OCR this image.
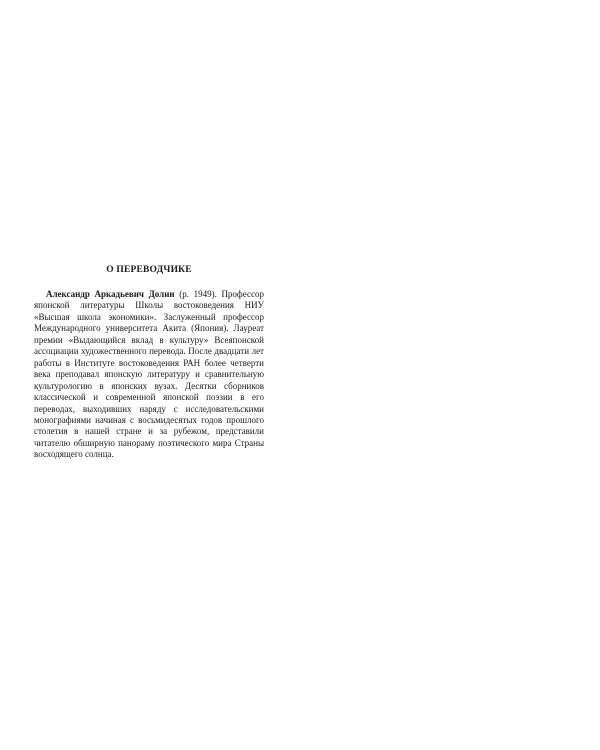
О ПЕРЕВОДЧИКЕ

Александр Аркадьевич Долин (р. 1949). Профессор японской литературы Школы востоковедения НИУ «Высшая школа экономики». Заслуженный профессор Международного университета Акита (Япония). Лауреат премии «Выдающийся вклад в культуру» Всеяпонской ассоциации художественного перевода. После двадцати лет работы в Институте востоковедения РАН более четверти века преподавал японскую литературу и сравнительную культурологию в японских вузах. Десятки сборников классической и современной японской поэзии в его переводах, выходивших наряду с исследовательскими монографиями начиная с восьмидесятых годов прошлого столетия в нашей стране и за рубежом, представили читателю обширную панораму поэтического мира Страны восходящего солнца.
